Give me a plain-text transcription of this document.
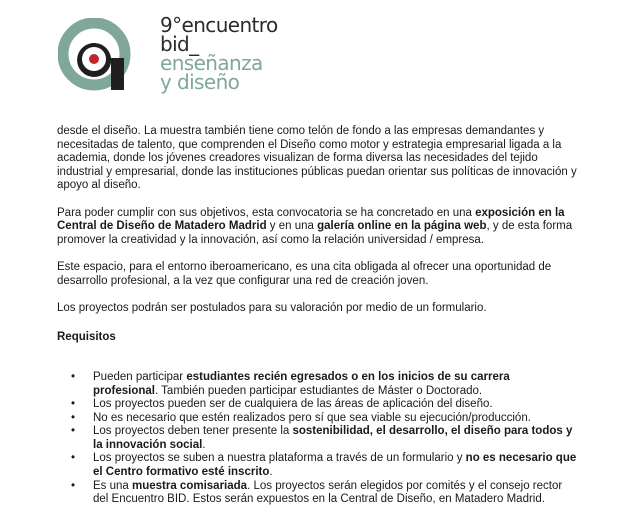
9°encuentro
bid_
enseñanza
y diseño

desde el diseño. La muestra también tiene como telón de fondo a las empresas demandantes y necesitadas de talento, que comprenden el Diseño como motor y estrategia empresarial ligada a la academia, donde los jóvenes creadores visualizan de forma diversa las necesidades del tejido industrial y empresarial, donde las instituciones públicas puedan orientar sus políticas de innovación y apoyo al diseño.

Para poder cumplir con sus objetivos, esta convocatoria se ha concretado en una exposición en la Central de Diseño de Matadero Madrid y en una galería online en la página web, y de esta forma promover la creatividad y la innovación, así como la relación universidad / empresa.

Este espacio, para el entorno iberoamericano, es una cita obligada al ofrecer una oportunidad de desarrollo profesional, a la vez que configurar una red de creación joven.

Los proyectos podrán ser postulados para su valoración por medio de un formulario.

Requisitos
• Pueden participar estudiantes recién egresados o en los inicios de su carrera profesional. También pueden participar estudiantes de Máster o Doctorado.
• Los proyectos pueden ser de cualquiera de las áreas de aplicación del diseño.
• No es necesario que estén realizados pero sí que sea viable su ejecución/producción.
• Los proyectos deben tener presente la sostenibilidad, el desarrollo, el diseño para todos y la innovación social.
• Los proyectos se suben a nuestra plataforma a través de un formulario y no es necesario que el Centro formativo esté inscrito.
• Es una muestra comisariada. Los proyectos serán elegidos por comités y el consejo rector del Encuentro BID. Estos serán expuestos en la Central de Diseño, en Matadero Madrid.
